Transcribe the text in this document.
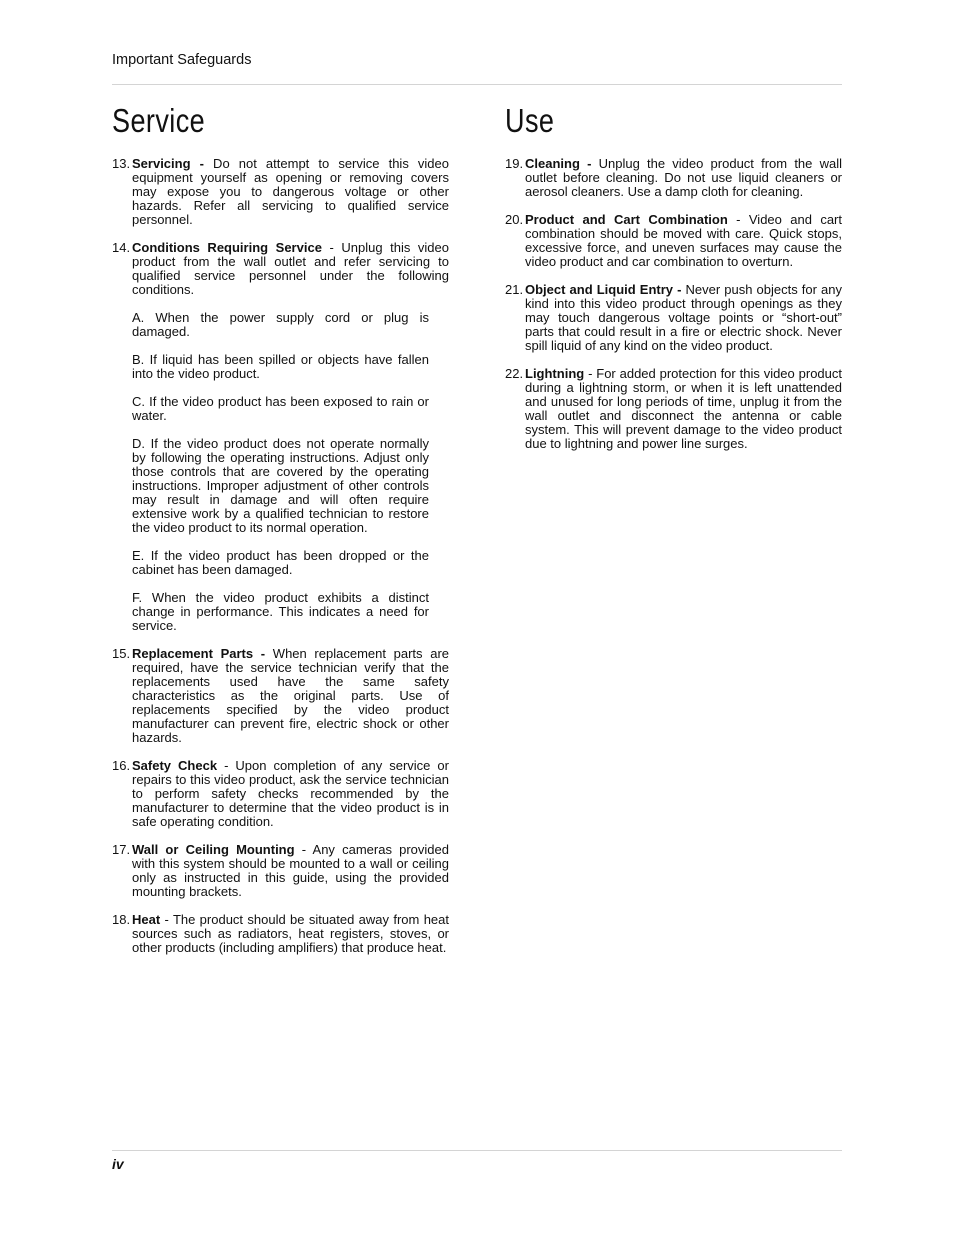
Important Safeguards
Service	Use
13. Servicing - Do not attempt to service this video equipment yourself as opening or removing covers may expose you to dangerous voltage or other hazards. Refer all servicing to qualified service personnel.
14. Conditions Requiring Service - Unplug this video product from the wall outlet and refer servicing to qualified service personnel under the following conditions.
A. When the power supply cord or plug is damaged.
B. If liquid has been spilled or objects have fallen into the video product.
C. If the video product has been exposed to rain or water.
D. If the video product does not operate normally by following the operating instructions. Adjust only those controls that are covered by the operating instructions. Improper adjustment of other controls may result in damage and will often require extensive work by a qualified technician to restore the video product to its normal operation.
E. If the video product has been dropped or the cabinet has been damaged.
F. When the video product exhibits a distinct change in performance. This indicates a need for service.
15. Replacement Parts - When replacement parts are required, have the service technician verify that the replacements used have the same safety characteristics as the original parts. Use of replacements specified by the video product manufacturer can prevent fire, electric shock or other hazards.
16. Safety Check - Upon completion of any service or repairs to this video product, ask the service technician to perform safety checks recommended by the manufacturer to determine that the video product is in safe operating condition.
17. Wall or Ceiling Mounting - Any cameras provided with this system should be mounted to a wall or ceiling only as instructed in this guide, using the provided mounting brackets.
18. Heat - The product should be situated away from heat sources such as radiators, heat registers, stoves, or other products (including amplifiers) that produce heat.
19. Cleaning - Unplug the video product from the wall outlet before cleaning. Do not use liquid cleaners or aerosol cleaners. Use a damp cloth for cleaning.
20. Product and Cart Combination - Video and cart combination should be moved with care. Quick stops, excessive force, and uneven surfaces may cause the video product and car combination to overturn.
21. Object and Liquid Entry - Never push objects for any kind into this video product through openings as they may touch dangerous voltage points or “short-out” parts that could result in a fire or electric shock. Never spill liquid of any kind on the video product.
22. Lightning - For added protection for this video product during a lightning storm, or when it is left unattended and unused for long periods of time, unplug it from the wall outlet and disconnect the antenna or cable system. This will prevent damage to the video product due to lightning and power line surges.
iv
